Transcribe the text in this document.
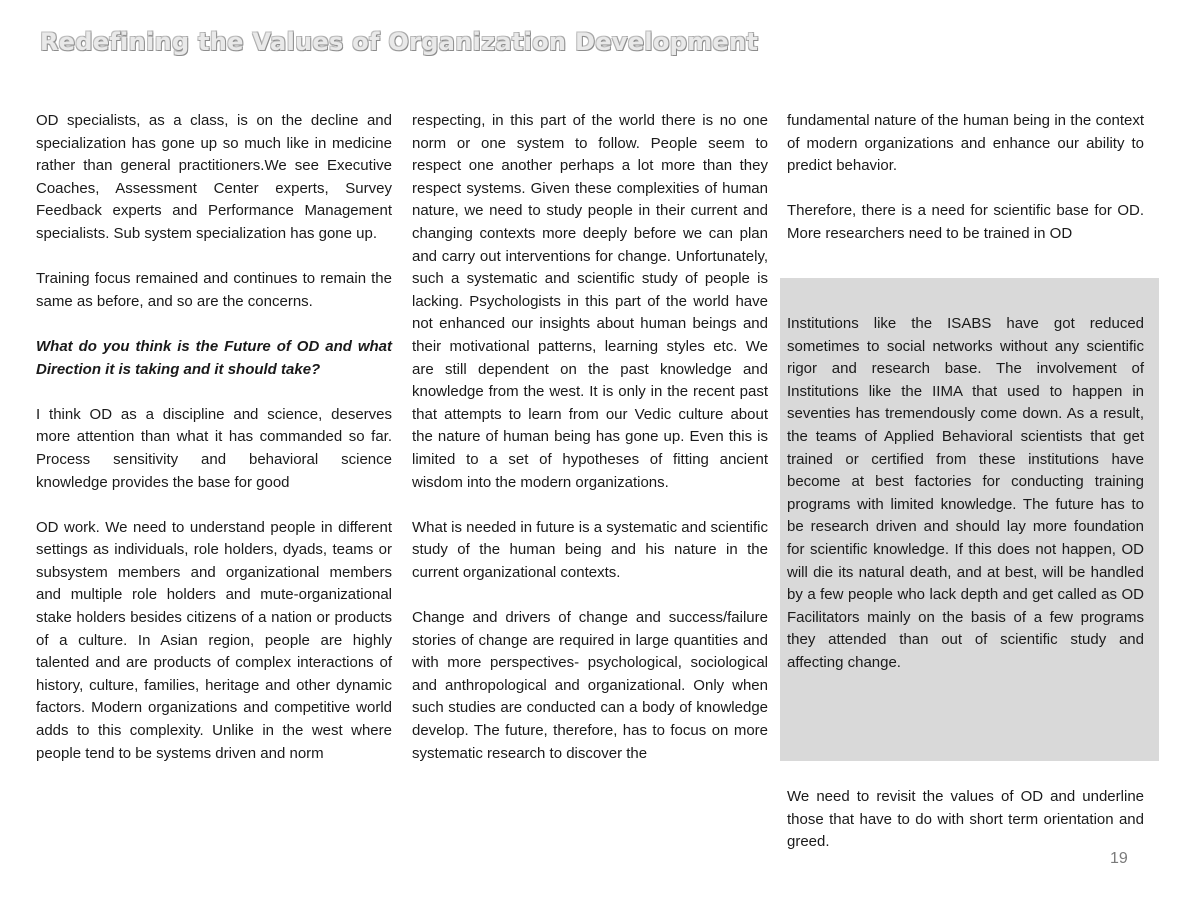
Redefining the Values of Organization Development

OD specialists, as a class, is on the decline and specialization has gone up so much like in medicine rather than general practitioners.We see Executive Coaches, Assessment Center experts, Survey Feedback experts and Performance Management specialists. Sub system specialization has gone up.

Training focus remained and continues to remain the same as before, and so are the concerns.

What do you think is the Future of OD and what Direction it is taking and it should take?

I think OD as a discipline and science, deserves more attention than what it has commanded so far. Process sensitivity and behavioral science knowledge provides the base for good

OD work. We need to understand people in different settings as individuals, role holders, dyads, teams or subsystem members and organizational members and multiple role holders and mute-organizational stake holders besides citizens of a nation or products of a culture. In Asian region, people are highly talented and are products of complex interactions of history, culture, families, heritage and other dynamic factors. Modern organizations and competitive world adds to this complexity. Unlike in the west where people tend to be systems driven and norm

respecting, in this part of the world there is no one norm or one system to follow. People seem to respect one another perhaps a lot more than they respect systems. Given these complexities of human nature, we need to study people in their current and changing contexts more deeply before we can plan and carry out interventions for change. Unfortunately, such a systematic and scientific study of people is lacking. Psychologists in this part of the world have not enhanced our insights about human beings and their motivational patterns, learning styles etc. We are still dependent on the past knowledge and knowledge from the west. It is only in the recent past that attempts to learn from our Vedic culture about the nature of human being has gone up. Even this is limited to a set of hypotheses of fitting ancient wisdom into the modern organizations.

What is needed in future is a systematic and scientific study of the human being and his nature in the current organizational contexts.

Change and drivers of change and success/failure stories of change are required in large quantities and with more perspectives- psychological, sociological and anthropological and organizational. Only when such studies are conducted can a body of knowledge develop. The future, therefore, has to focus on more systematic research to discover the

fundamental nature of the human being in the context of modern organizations and enhance our ability to predict behavior.

Therefore, there is a need for scientific base for OD. More researchers need to be trained in OD

Institutions like the ISABS have got reduced sometimes to social networks without any scientific rigor and research base. The involvement of Institutions like the IIMA that used to happen in seventies has tremendously come down. As a result, the teams of Applied Behavioral scientists that get trained or certified from these institutions have become at best factories for conducting training programs with limited knowledge. The future has to be research driven and should lay more foundation for scientific knowledge. If this does not happen, OD will die its natural death, and at best, will be handled by a few people who lack depth and get called as OD Facilitators mainly on the basis of a few programs they attended than out of scientific study and affecting change.

We need to revisit the values of OD and underline those that have to do with short term orientation and greed.

19
